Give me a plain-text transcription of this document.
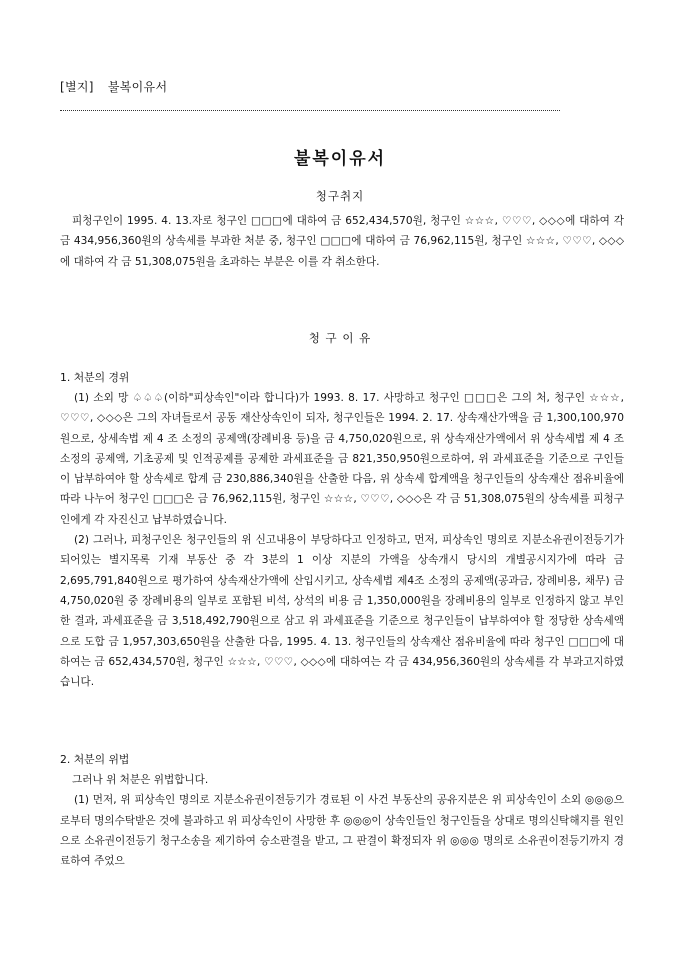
[별지] 불복이유서
불복이유서
청구취지

피청구인이 1995. 4. 13.자로 청구인 □□□에 대하여 금 652,434,570원, 청구인 ☆☆☆, ♡♡♡, ◇◇◇에 대하여 각 금 434,956,360원의 상속세를 부과한 처분 중, 청구인 □□□에 대하여 금 76,962,115원, 청구인 ☆☆☆, ♡♡♡, ◇◇◇에 대하여 각 금 51,308,075원을 초과하는 부분은 이를 각 취소한다.

청 구 이 유
1. 처분의 경위

(1) 소외 망 ♤♤♤(이하"피상속인"이라 합니다)가 1993. 8. 17. 사망하고 청구인 □□□은 그의 처, 청구인 ☆☆☆, ♡♡♡, ◇◇◇은 그의 자녀들로서 공동 재산상속인이 되자, 청구인들은 1994. 2. 17. 상속재산가액을 금 1,300,100,970원으로, 상세속법 제 4 조 소정의 공제액(장례비용 등)을 금 4,750,020원으로, 위 상속재산가액에서 위 상속세법 제 4 조 소정의 공제액, 기초공제 및 인적공제를 공제한 과세표준을 금 821,350,950원으로하여, 위 과세표준을 기준으로 구인들이 납부하여야 할 상속세로 합계 금 230,886,340원을 산출한 다음, 위 상속세 합계액을 청구인들의 상속재산 점유비율에 따라 나누어 청구인 □□□은 금 76,962,115원, 청구인 ☆☆☆, ♡♡♡, ◇◇◇은 각 금 51,308,075원의 상속세를 피청구인에게 각 자진신고 납부하였습니다.

(2) 그러나, 피청구인은 청구인들의 위 신고내용이 부당하다고 인정하고, 먼저, 피상속인 명의로 지분소유권이전등기가 되어있는 별지목록 기재 부동산 중 각 3분의 1 이상 지분의 가액을 상속개시 당시의 개별공시지가에 따라 금 2,695,791,840원으로 평가하여 상속재산가액에 산입시키고, 상속세법 제4조 소정의 공제액(공과금, 장례비용, 채무) 금 4,750,020원 중 장례비용의 일부로 포함된 비석, 상석의 비용 금 1,350,000원을 장례비용의 일부로 인정하지 않고 부인한 결과, 과세표준을 금 3,518,492,790원으로 삼고 위 과세표준을 기준으로 청구인들이 납부하여야 할 정당한 상속세액으로 도합 금 1,957,303,650원을 산출한 다음, 1995. 4. 13. 청구인들의 상속재산 점유비율에 따라 청구인 □□□에 대하여는 금 652,434,570원, 청구인 ☆☆☆, ♡♡♡, ◇◇◇에 대하여는 각 금 434,956,360원의 상속세를 각 부과고지하였습니다.

2. 처분의 위법

그러나 위 처분은 위법합니다.

(1) 먼저, 위 피상속인 명의로 지분소유권이전등기가 경료된 이 사건 부동산의 공유지분은 위 피상속인이 소외 ◎◎◎으로부터 명의수탁받은 것에 불과하고 위 피상속인이 사망한 후 ◎◎◎이 상속인들인 청구인들을 상대로 명의신탁해지를 원인으로 소유권이전등기 청구소송을 제기하여 승소판결을 받고, 그 판결이 확정되자 위 ◎◎◎ 명의로 소유권이전등기까지 경료하여 주었으
